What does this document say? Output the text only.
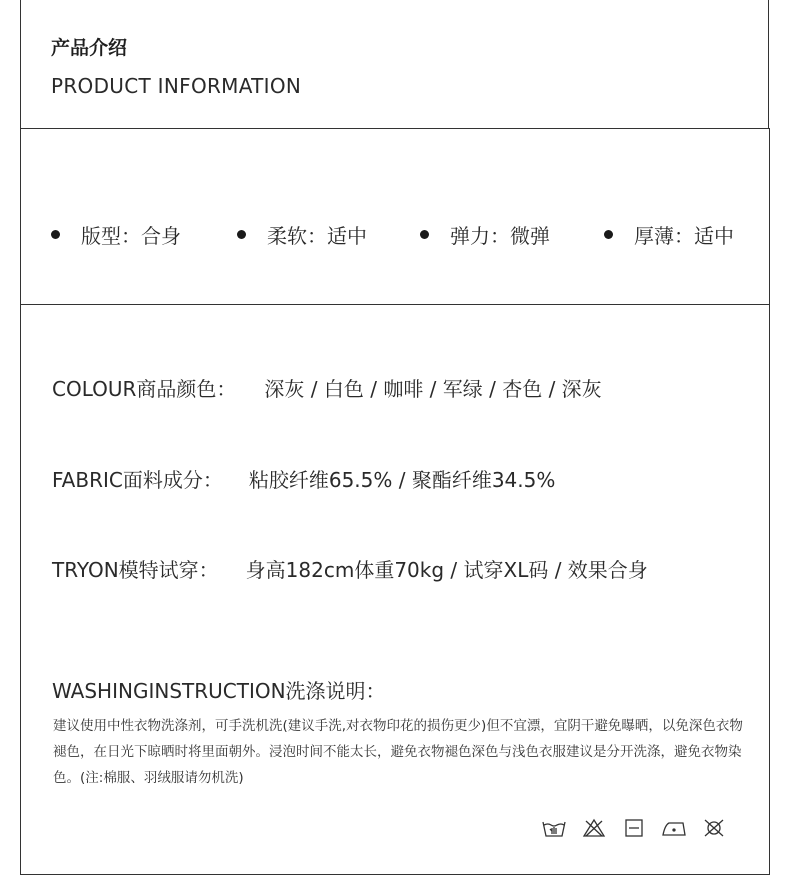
产品介绍
PRODUCT INFORMATION
版型：合身	柔软：适中	弹力：微弹	厚薄：适中
COLOUR商品颜色： 深灰 / 白色 / 咖啡 / 军绿 / 杏色 / 深灰
FABRIC面料成分： 粘胶纤维65.5% / 聚酯纤维34.5%
TRYON模特试穿： 身高182cm体重70kg / 试穿XL码 / 效果合身
WASHINGINSTRUCTION洗涤说明：
建议使用中性衣物洗涤剂，可手洗机洗(建议手洗,对衣物印花的损伤更少)但不宜漂，宜阴干避免曝晒，以免深色衣物褪色，在日光下晾晒时将里面朝外。浸泡时间不能太长，避免衣物褪色深色与浅色衣服建议是分开洗涤，避免衣物染色。(注:棉服、羽绒服请勿机洗)
